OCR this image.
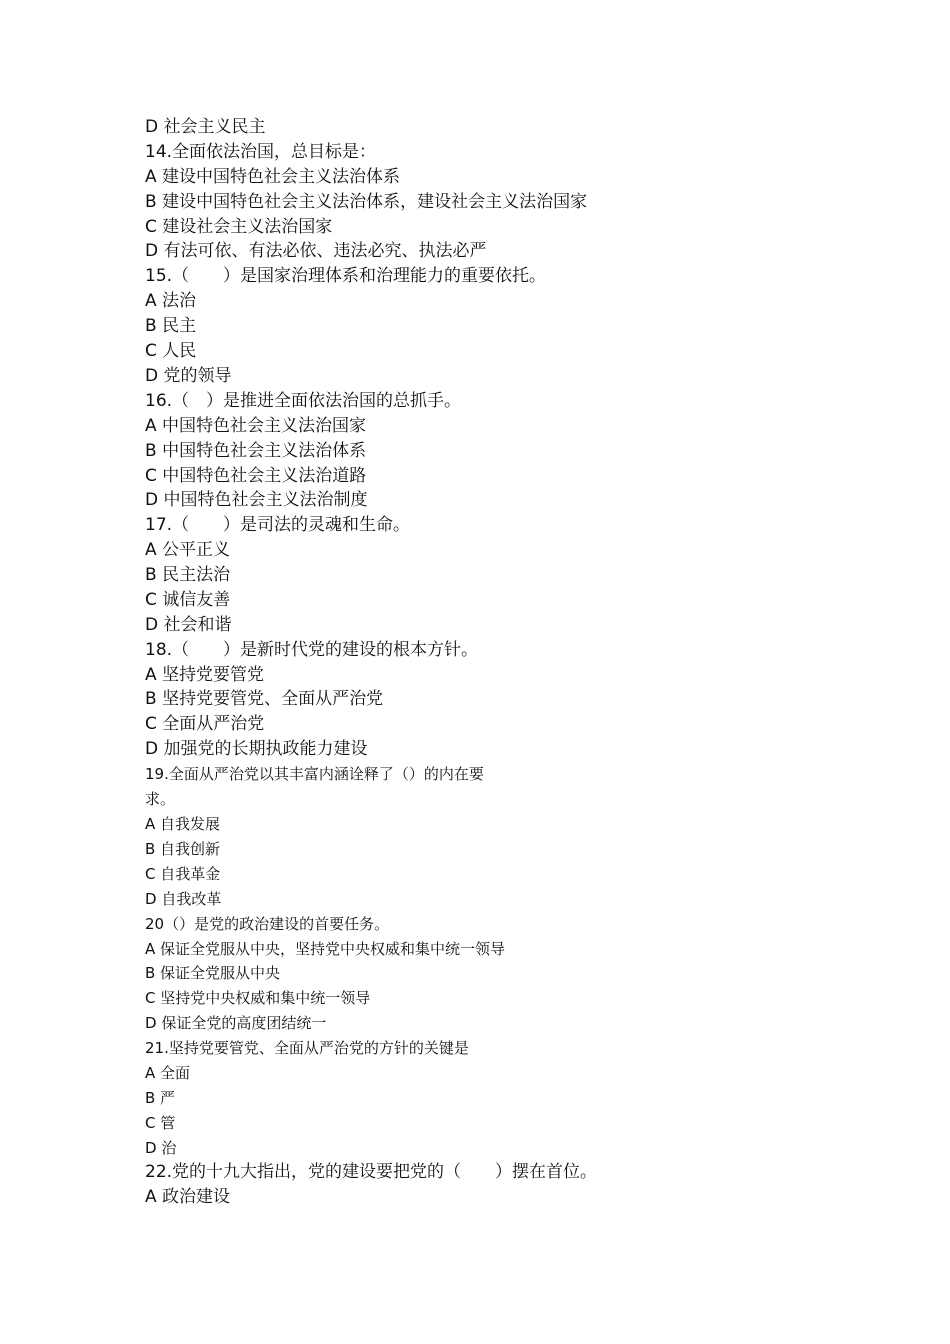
D 社会主义民主
14.全面依法治国，总目标是：
A 建设中国特色社会主义法治体系
B 建设中国特色社会主义法治体系，建设社会主义法治国家
C 建设社会主义法治国家
D 有法可依、有法必依、违法必究、执法必严
15.（　　）是国家治理体系和治理能力的重要依托。
A 法治
B 民主
C 人民
D 党的领导
16.（　）是推进全面依法治国的总抓手。
A 中国特色社会主义法治国家
B 中国特色社会主义法治体系
C 中国特色社会主义法治道路
D 中国特色社会主义法治制度
17.（　　）是司法的灵魂和生命。
A 公平正义
B 民主法治
C 诚信友善
D 社会和谐
18.（　　）是新时代党的建设的根本方针。
A 坚持党要管党
B 坚持党要管党、全面从严治党
C 全面从严治党
D 加强党的长期执政能力建设
19.全面从严治党以其丰富内涵诠释了（）的内在要
求。
A 自我发展
B 自我创新
C 自我革金
D 自我改革
20（）是党的政治建设的首要任务。
A 保证全党服从中央，坚持党中央权威和集中统一领导
B 保证全党服从中央
C 坚持党中央权威和集中统一领导
D 保证全党的高度团结统一
21.坚持党要管党、全面从严治党的方针的关键是
A 全面
B 严
C 管
D 治
22.党的十九大指出，党的建设要把党的（　　）摆在首位。
A 政治建设
